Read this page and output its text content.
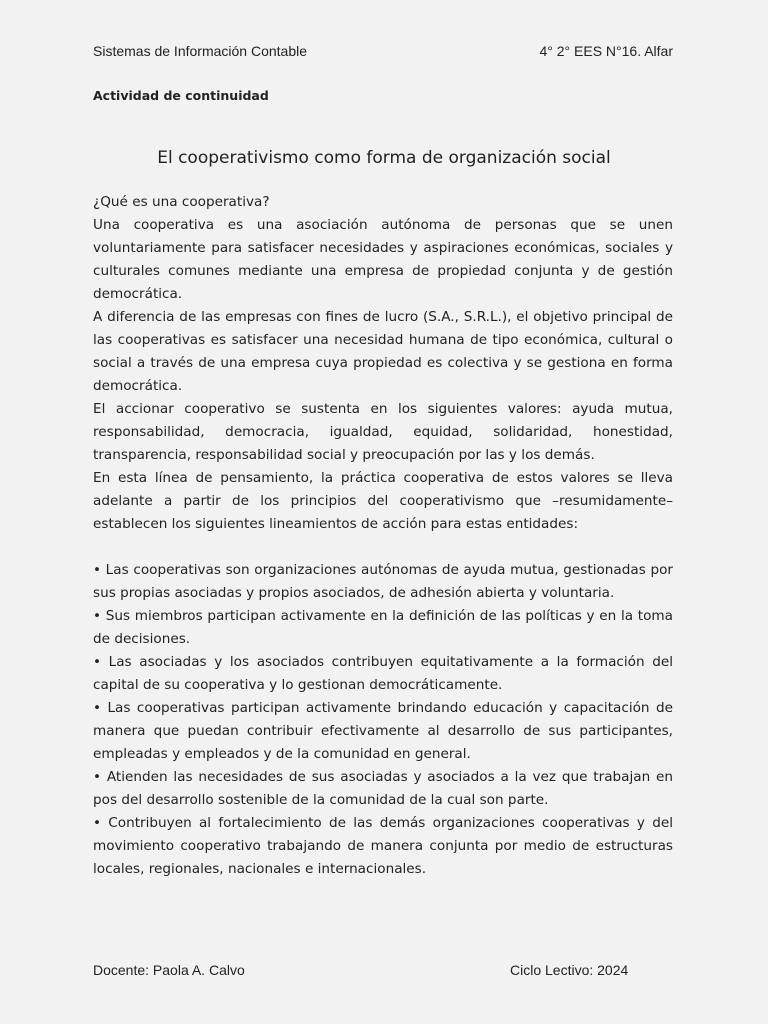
Sistemas de Información Contable	4° 2° EES N°16. Alfar
Actividad de continuidad
El cooperativismo como forma de organización social

¿Qué es una cooperativa?

Una cooperativa es una asociación autónoma de personas que se unen voluntariamente para satisfacer necesidades y aspiraciones económicas, sociales y culturales comunes mediante una empresa de propiedad conjunta y de gestión democrática.

A diferencia de las empresas con fines de lucro (S.A., S.R.L.), el objetivo principal de las cooperativas es satisfacer una necesidad humana de tipo económica, cultural o social a través de una empresa cuya propiedad es colectiva y se gestiona en forma democrática.

El accionar cooperativo se sustenta en los siguientes valores: ayuda mutua, responsabilidad, democracia, igualdad, equidad, solidaridad, honestidad, transparencia, responsabilidad social y preocupación por las y los demás.

En esta línea de pensamiento, la práctica cooperativa de estos valores se lleva adelante a partir de los principios del cooperativismo que –resumidamente– establecen los siguientes lineamientos de acción para estas entidades:

• Las cooperativas son organizaciones autónomas de ayuda mutua, gestionadas por sus propias asociadas y propios asociados, de adhesión abierta y voluntaria.

• Sus miembros participan activamente en la definición de las políticas y en la toma de decisiones.

• Las asociadas y los asociados contribuyen equitativamente a la formación del capital de su cooperativa y lo gestionan democráticamente.

• Las cooperativas participan activamente brindando educación y capacitación de manera que puedan contribuir efectivamente al desarrollo de sus participantes, empleadas y empleados y de la comunidad en general.

• Atienden las necesidades de sus asociadas y asociados a la vez que trabajan en pos del desarrollo sostenible de la comunidad de la cual son parte.

• Contribuyen al fortalecimiento de las demás organizaciones cooperativas y del movimiento cooperativo trabajando de manera conjunta por medio de estructuras locales, regionales, nacionales e internacionales.

Docente: Paola A. Calvo	Ciclo Lectivo: 2024
